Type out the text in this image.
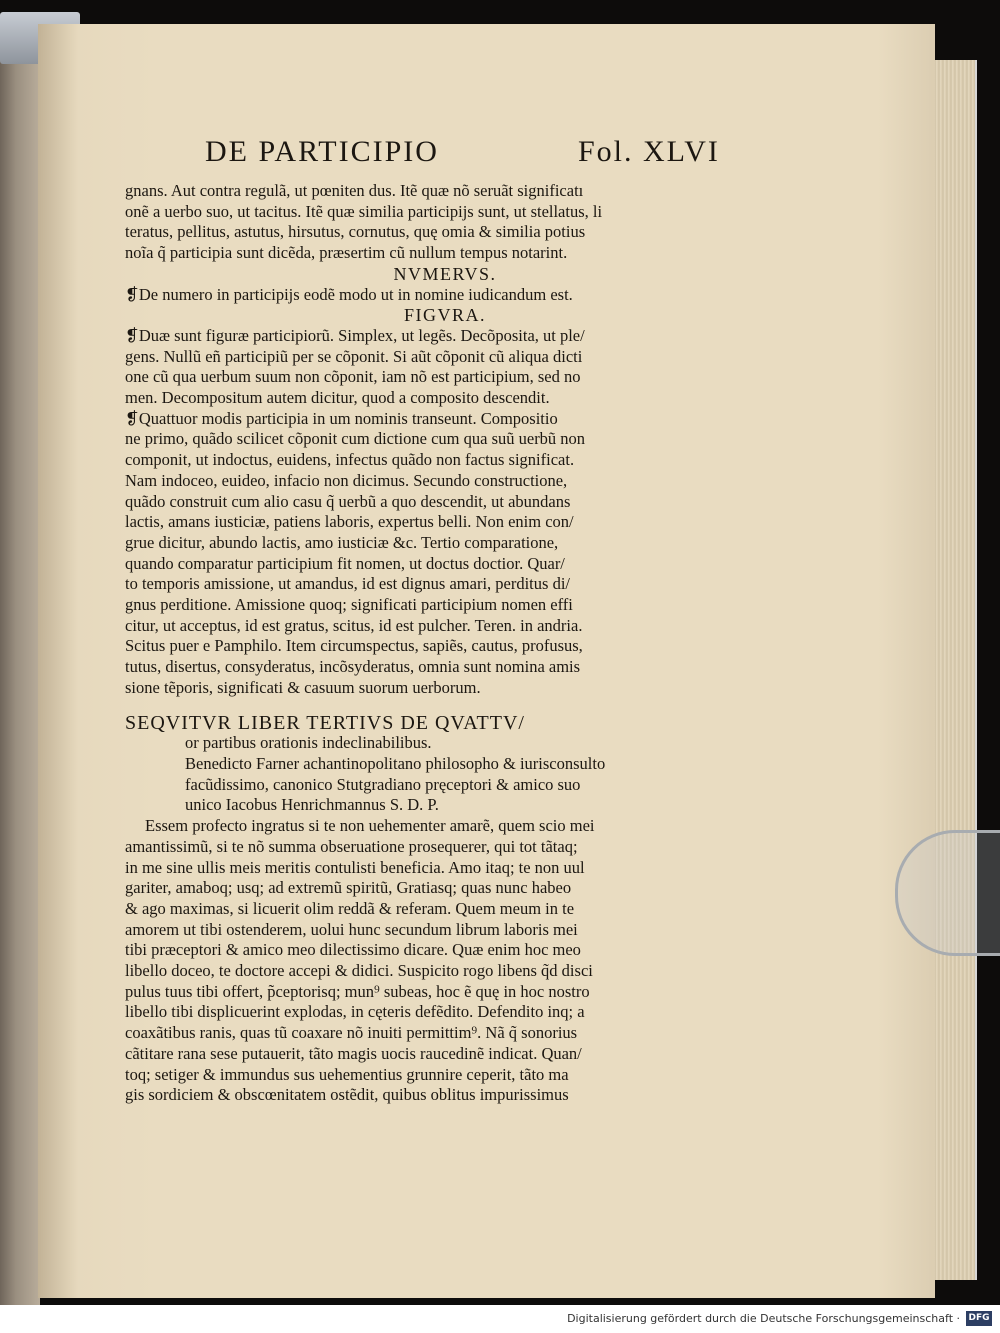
DE PARTICIPIO	Fol. XLVI
gnans. Aut contra regulã, ut pœniten dus. Itẽ quæ nõ seruãt significatı
onẽ a uerbo suo, ut tacitus. Itẽ quæ similia participijs sunt, ut stellatus, li
teratus, pellitus, astutus, hirsutus, cornutus, quę omia & similia potius
noĩa q̃ participia sunt dicẽda, præsertim cũ nullum tempus notarint.
NVMERVS.
❡De numero in participijs eodẽ modo ut in nomine iudicandum est.
FIGVRA.
❡Duæ sunt figuræ participiorũ. Simplex, ut legẽs. Decõposita, ut ple/
gens. Nullũ eñ participiũ per se cõponit. Si aũt cõponit cũ aliqua dicti
one cũ qua uerbum suum non cõponit, iam nõ est participium, sed no
men. Decompositum autem dicitur, quod a composito descendit.
❡Quattuor modis participia in um nominis transeunt. Compositio
ne primo, quãdo scilicet cõponit cum dictione cum qua suũ uerbũ non
componit, ut indoctus, euidens, infectus quãdo non factus significat.
Nam indoceo, euideo, infacio non dicimus. Secundo constructione,
quãdo construit cum alio casu q̃ uerbũ a quo descendit, ut abundans
lactis, amans iusticiæ, patiens laboris, expertus belli. Non enim con/
grue dicitur, abundo lactis, amo iusticiæ &c. Tertio comparatione,
quando comparatur participium fit nomen, ut doctus doctior. Quar/
to temporis amissione, ut amandus, id est dignus amari, perditus di/
gnus perditione. Amissione quoq; significati participium nomen effi
citur, ut acceptus, id est gratus, scitus, id est pulcher. Teren. in andria.
Scitus puer e Pamphilo. Item circumspectus, sapiẽs, cautus, profusus,
tutus, disertus, consyderatus, incõsyderatus, omnia sunt nomina amis
sione tẽporis, significati & casuum suorum uerborum.
SEQVITVR LIBER TERTIVS DE QVATTV/
or partibus orationis indeclinabilibus.
Benedicto Farner achantinopolitano philosopho & iurisconsulto
facũdissimo, canonico Stutgradiano pręceptori & amico suo
unico Iacobus Henrichmannus S. D. P.
Essem profecto ingratus si te non uehementer amarẽ, quem scio mei
amantissimũ, si te nõ summa obseruatione prosequerer, qui tot tãtaq;
in me sine ullis meis meritis contulisti beneficia. Amo itaq; te non uul
gariter, amaboq; usq; ad extremũ spiritũ, Gratiasq; quas nunc habeo
& ago maximas, si licuerit olim reddã & referam. Quem meum in te
amorem ut tibi ostenderem, uolui hunc secundum librum laboris mei
tibi præceptori & amico meo dilectissimo dicare. Quæ enim hoc meo
libello doceo, te doctore accepi & didici. Suspicito rogo libens q̃d disci
pulus tuus tibi offert, p̃ceptorisq; mun⁹ subeas, hoc ẽ quę in hoc nostro
libello tibi displicuerint explodas, in cęteris defẽdito. Defendito inq; a
coaxãtibus ranis, quas tũ coaxare nõ inuiti permittim⁹. Nã q̃ sonorius
cãtitare rana sese putauerit, tãto magis uocis raucedinẽ indicat. Quan/
toq; setiger & immundus sus uehementius grunnire ceperit, tãto ma
gis sordiciem & obscœnitatem ostẽdit, quibus oblitus impurissimus
Digitalisierung gefördert durch die Deutsche Forschungsgemeinschaft · DFG
